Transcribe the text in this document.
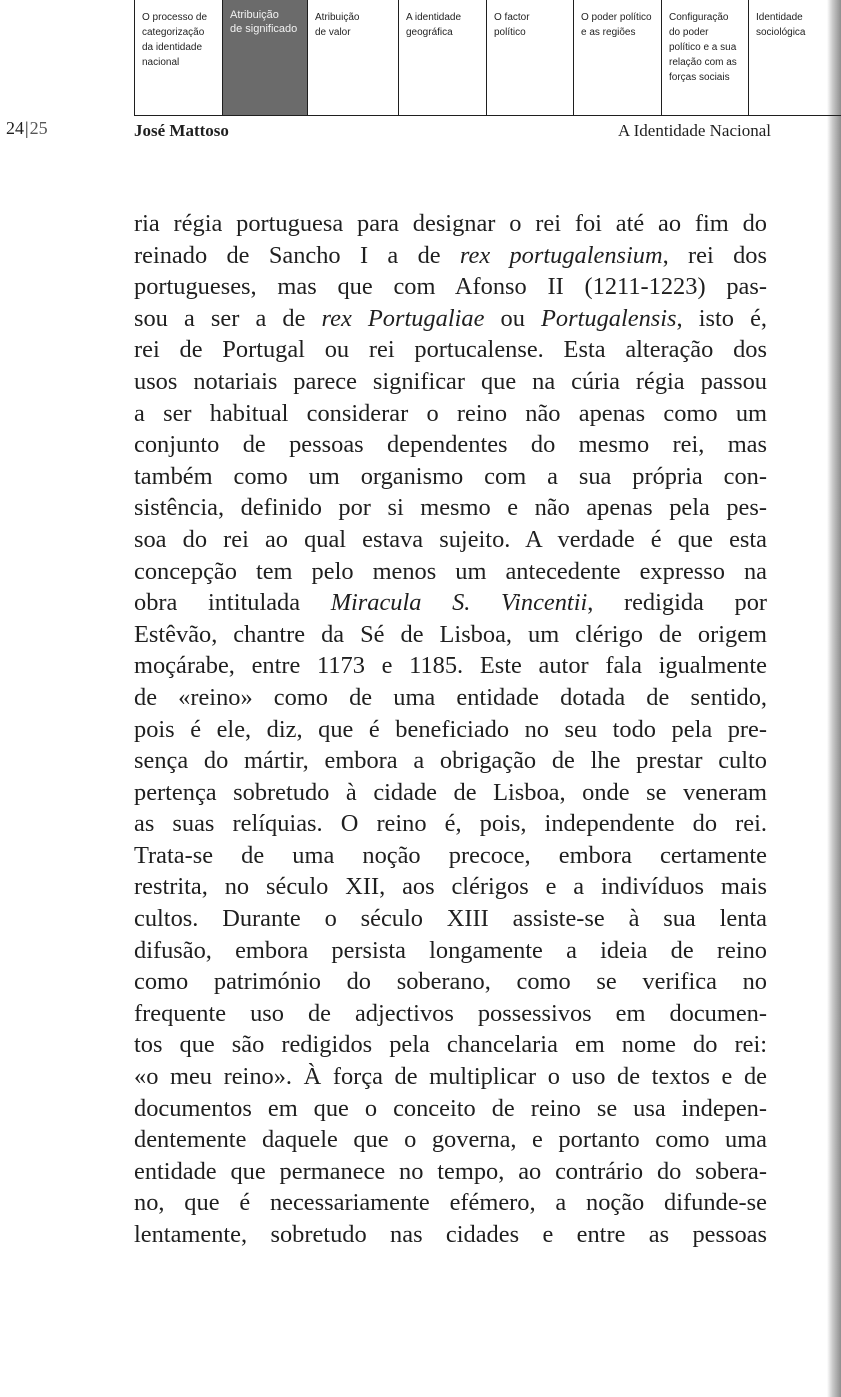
O processo de
categorização
da identidade
nacional
Atribuição
de significado
Atribuição
de valor
A identidade
geográfica
O factor
político
O poder político
e as regiões
Configuração
do poder
político e a sua
relação com as
forças sociais
Identidade
sociológica
24 | 25	José Mattoso	A Identidade Nacional
ria régia portuguesa para designar o rei foi até ao fim do
reinado de Sancho I a de rex portugalensium, rei dos
portugueses, mas que com Afonso II (1211-1223) pas-
sou a ser a de rex Portugaliae ou Portugalensis, isto é,
rei de Portugal ou rei portucalense. Esta alteração dos
usos notariais parece significar que na cúria régia passou
a ser habitual considerar o reino não apenas como um
conjunto de pessoas dependentes do mesmo rei, mas
também como um organismo com a sua própria con-
sistência, definido por si mesmo e não apenas pela pes-
soa do rei ao qual estava sujeito. A verdade é que esta
concepção tem pelo menos um antecedente expresso na
obra intitulada Miracula S. Vincentii, redigida por
Estêvão, chantre da Sé de Lisboa, um clérigo de origem
moçárabe, entre 1173 e 1185. Este autor fala igualmente
de «reino» como de uma entidade dotada de sentido,
pois é ele, diz, que é beneficiado no seu todo pela pre-
sença do mártir, embora a obrigação de lhe prestar culto
pertença sobretudo à cidade de Lisboa, onde se veneram
as suas relíquias. O reino é, pois, independente do rei.
Trata-se de uma noção precoce, embora certamente
restrita, no século XII, aos clérigos e a indivíduos mais
cultos. Durante o século XIII assiste-se à sua lenta
difusão, embora persista longamente a ideia de reino
como património do soberano, como se verifica no
frequente uso de adjectivos possessivos em documen-
tos que são redigidos pela chancelaria em nome do rei:
«o meu reino». À força de multiplicar o uso de textos e de
documentos em que o conceito de reino se usa indepen-
dentemente daquele que o governa, e portanto como uma
entidade que permanece no tempo, ao contrário do sobera-
no, que é necessariamente efémero, a noção difunde-se
lentamente, sobretudo nas cidades e entre as pessoas
